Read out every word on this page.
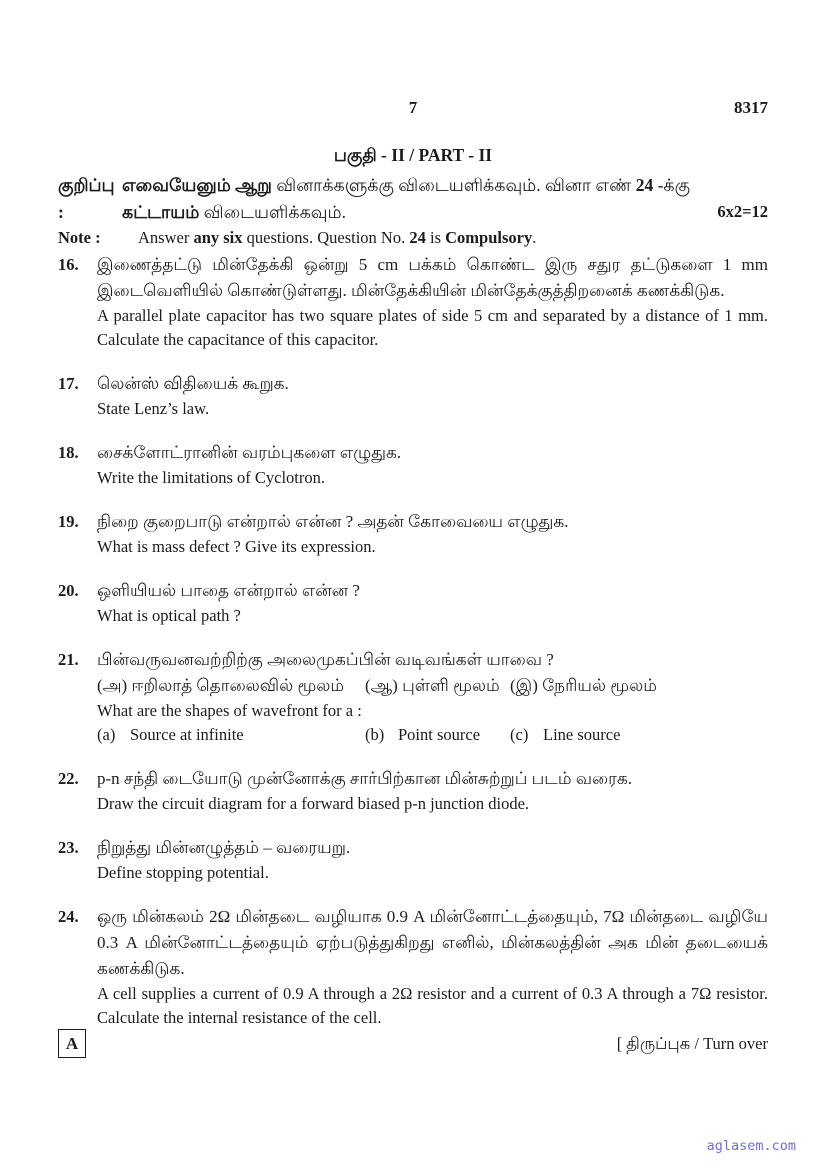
7	8317
பகுதி - II / PART - II
குறிப்பு :
எவையேனும் ஆறு வினாக்களுக்கு விடையளிக்கவும். வினா எண் 24 -க்கு
கட்டாயம் விடையளிக்கவும்.	6x2=12
Note :	Answer any six questions. Question No. 24 is Compulsory.
16.	இணைத்தட்டு மின்தேக்கி ஒன்று 5 cm பக்கம் கொண்ட இரு சதுர தட்டுகளை 1 mm இடைவெளியில் கொண்டுள்ளது. மின்தேக்கியின் மின்தேக்குத்திறனைக் கணக்கிடுக.

A parallel plate capacitor has two square plates of side 5 cm and separated by a distance of 1 mm. Calculate the capacitance of this capacitor.

17.	லென்ஸ் விதியைக் கூறுக.

State Lenz’s law.

18.	சைக்ளோட்ரானின் வரம்புகளை எழுதுக.

Write the limitations of Cyclotron.

19.	நிறை குறைபாடு என்றால் என்ன ? அதன் கோவையை எழுதுக.

What is mass defect ? Give its expression.

20.	ஒளியியல் பாதை என்றால் என்ன ?

What is optical path ?

21.	பின்வருவனவற்றிற்கு அலைமுகப்பின் வடிவங்கள் யாவை ?

(அ) ஈறிலாத் தொலைவில் மூலம்	(ஆ) புள்ளி மூலம் (இ) நேரியல் மூலம்

What are the shapes of wavefront for a :

(a) Source at infinite	(b) Point source	(c) Line source
22.	p-n சந்தி டையோடு முன்னோக்கு சார்பிற்கான மின்சுற்றுப் படம் வரைக.

Draw the circuit diagram for a forward biased p-n junction diode.

23.	நிறுத்து மின்னழுத்தம் – வரையறு.

Define stopping potential.

24.	ஒரு மின்கலம் 2Ω மின்தடை வழியாக 0.9 A மின்னோட்டத்தையும், 7Ω மின்தடை வழியே 0.3 A மின்னோட்டத்தையும் ஏற்படுத்துகிறது எனில், மின்கலத்தின் அக மின் தடையைக் கணக்கிடுக.

A cell supplies a current of 0.9 A through a 2Ω resistor and a current of 0.3 A through a 7Ω resistor. Calculate the internal resistance of the cell.

A	[ திருப்புக / Turn over
aglasem.com
